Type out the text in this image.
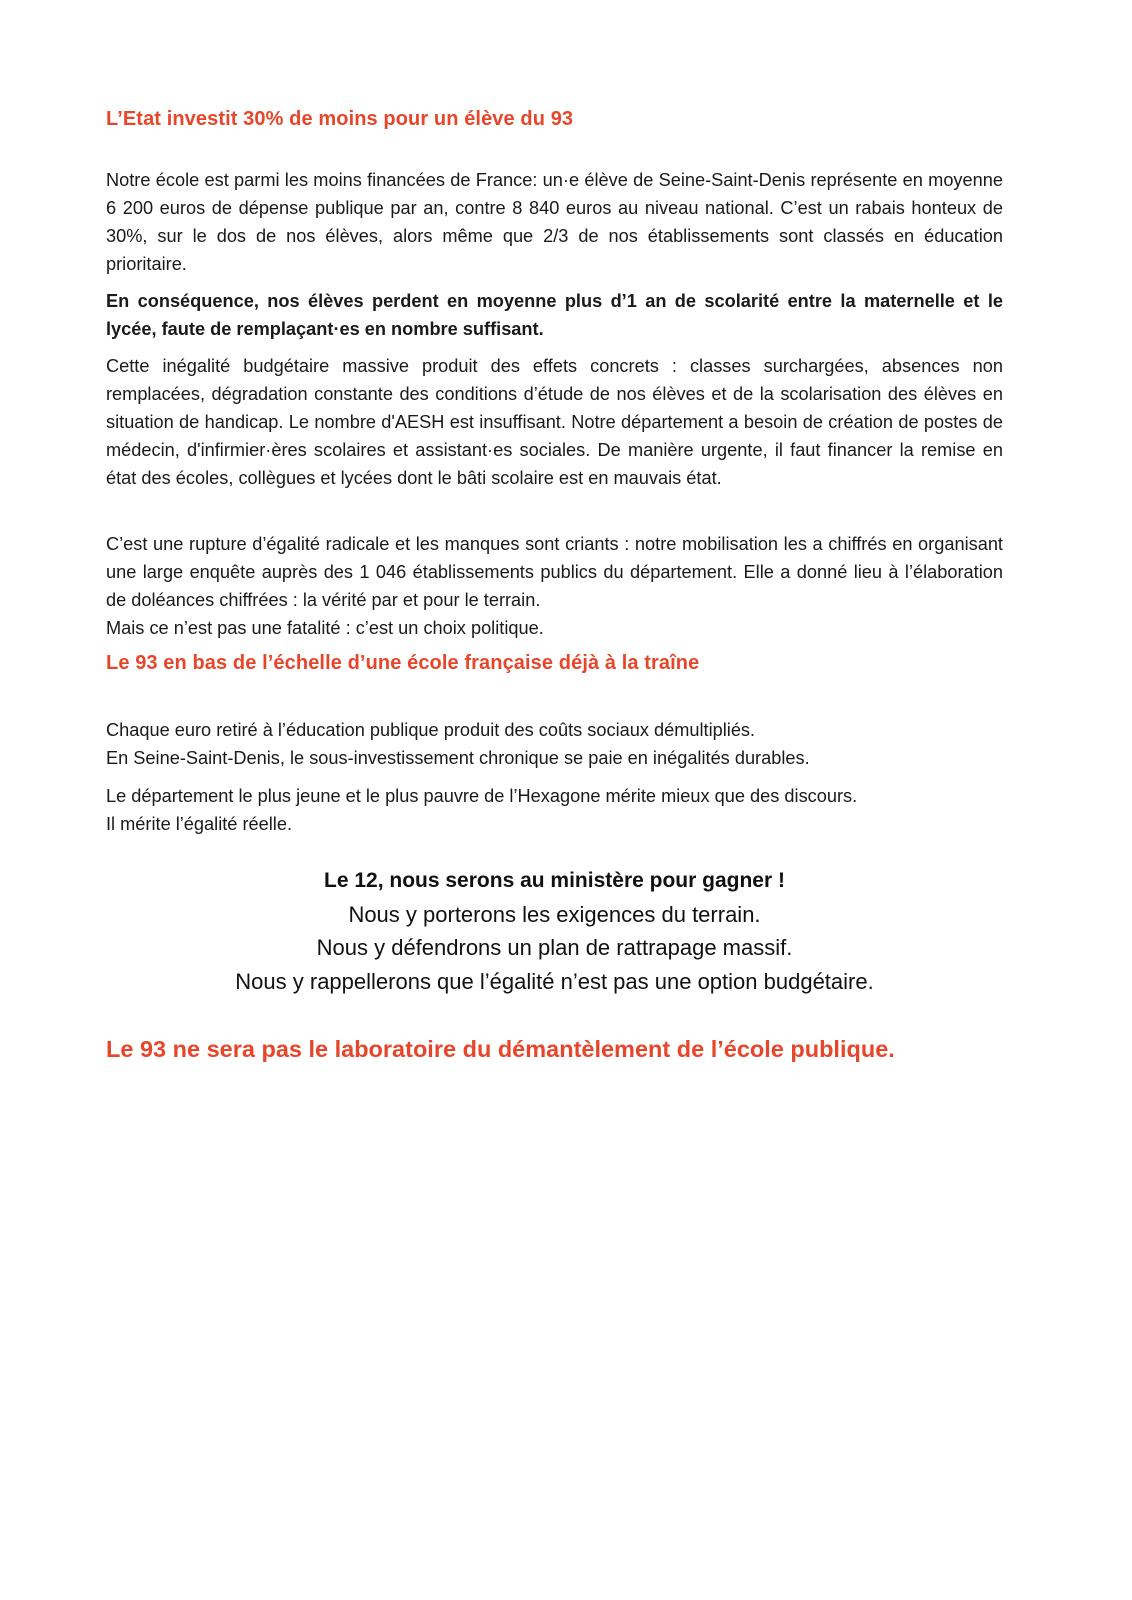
L’Etat investit 30% de moins pour un élève du 93

Notre école est parmi les moins financées de France: un·e élève de Seine-Saint-Denis représente en moyenne 6 200 euros de dépense publique par an, contre 8 840 euros au niveau national. C’est un rabais honteux de 30%, sur le dos de nos élèves, alors même que 2/3 de nos établissements sont classés en éducation prioritaire.

En conséquence, nos élèves perdent en moyenne plus d’1 an de scolarité entre la maternelle et le lycée, faute de remplaçant·es en nombre suffisant.

Cette inégalité budgétaire massive produit des effets concrets : classes surchargées, absences non remplacées, dégradation constante des conditions d’étude de nos élèves et de la scolarisation des élèves en situation de handicap. Le nombre d'AESH est insuffisant. Notre département a besoin de création de postes de médecin, d'infirmier·ères scolaires et assistant·es sociales. De manière urgente, il faut financer la remise en état des écoles, collègues et lycées dont le bâti scolaire est en mauvais état.

C’est une rupture d’égalité radicale et les manques sont criants : notre mobilisation les a chiffrés en organisant une large enquête auprès des 1 046 établissements publics du département. Elle a donné lieu à l’élaboration de doléances chiffrées : la vérité par et pour le terrain.

Mais ce n’est pas une fatalité : c’est un choix politique.

Le 93 en bas de l’échelle d’une école française déjà à la traîne

Chaque euro retiré à l’éducation publique produit des coûts sociaux démultipliés.
En Seine-Saint-Denis, le sous-investissement chronique se paie en inégalités durables.

Le département le plus jeune et le plus pauvre de l’Hexagone mérite mieux que des discours.
Il mérite l’égalité réelle.

Le 12, nous serons au ministère pour gagner !
Nous y porterons les exigences du terrain.
Nous y défendrons un plan de rattrapage massif.
Nous y rappellerons que l’égalité n’est pas une option budgétaire.

Le 93 ne sera pas le laboratoire du démantèlement de l’école publique.
